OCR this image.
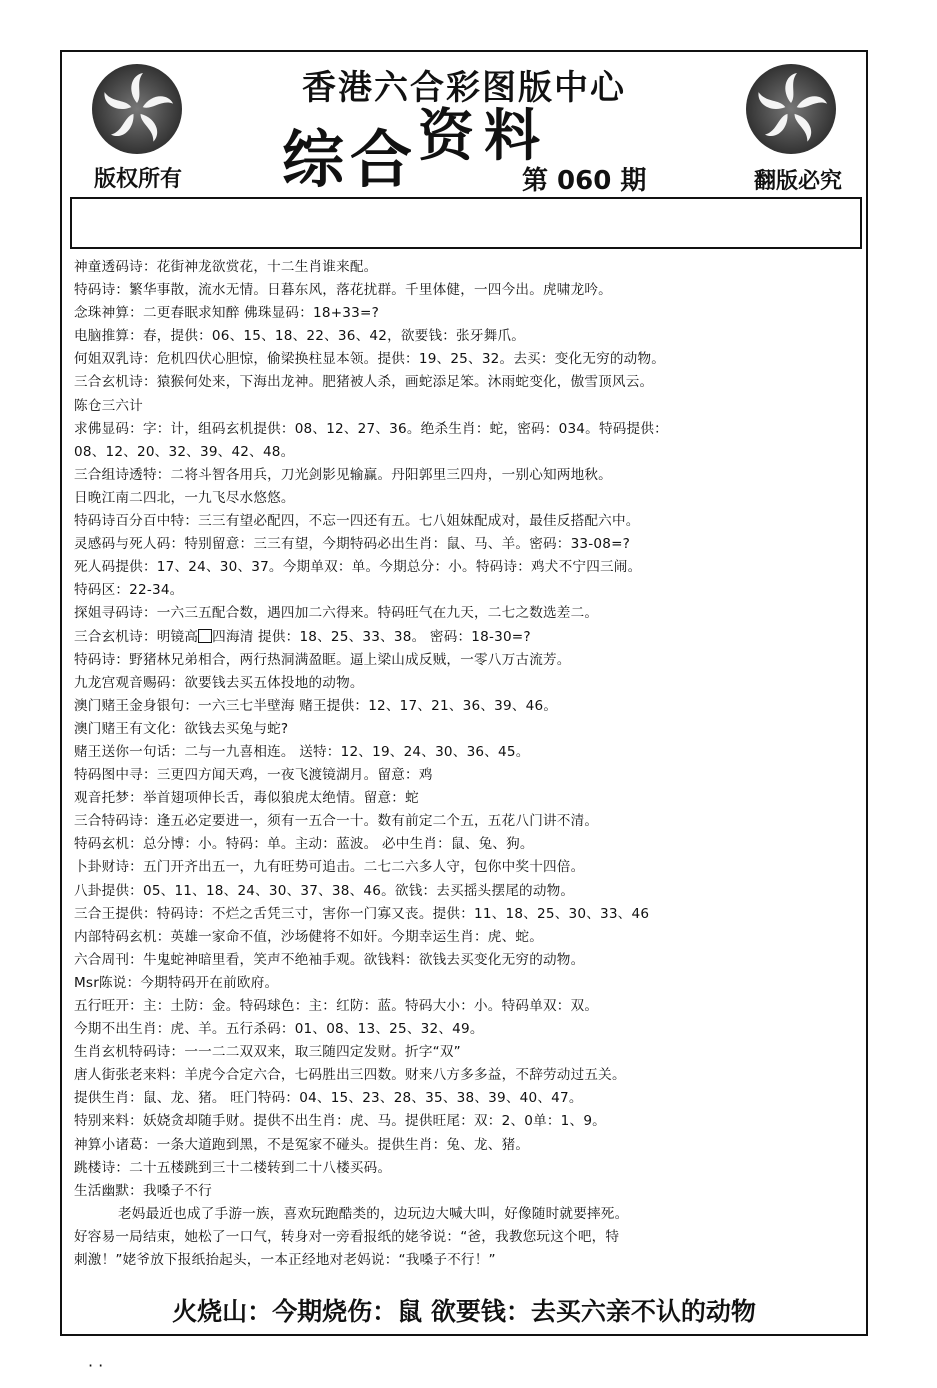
香港六合彩图版中心
综合资料
版权所有	第 060 期	翻版必究
神童透码诗：花街神龙欲赏花，十二生肖谁来配。
特码诗：繁华事散，流水无情。日暮东风，落花扰群。千里体健，一四今出。虎啸龙吟。
念珠神算：二更春眠求知醉 佛珠显码：18+33=?
电脑推算：春，提供：06、15、18、22、36、42，欲要钱：张牙舞爪。
何姐双乳诗：危机四伏心胆惊，偷梁换柱显本领。提供：19、25、32。去买：变化无穷的动物。
三合玄机诗：猿猴何处来，下海出龙神。肥猪被人杀，画蛇添足笨。沐雨蛇变化，傲雪顶风云。
陈仓三六计
求佛显码：字：计，组码玄机提供：08、12、27、36。绝杀生肖：蛇，密码：034。特码提供：
08、12、20、32、39、42、48。
三合组诗透特：二将斗智各用兵，刀光剑影见输赢。丹阳郭里三四舟，一别心知两地秋。
日晚江南二四北，一九飞尽水悠悠。
特码诗百分百中特：三三有望必配四，不忘一四还有五。七八姐妹配成对，最佳反搭配六中。
灵感码与死人码：特别留意：三三有望，今期特码必出生肖：鼠、马、羊。密码：33-08=?
死人码提供：17、24、30、37。今期单双：单。今期总分：小。特码诗：鸡犬不宁四三闹。
特码区：22-34。
探姐寻码诗：一六三五配合数，遇四加二六得来。特码旺气在九天，二七之数选差二。
三合玄机诗：明镜高 四海清 提供：18、25、33、38。 密码：18-30=?
特码诗：野猪林兄弟相合，两行热洞满盈眶。逼上梁山成反贼，一零八万古流芳。
九龙宫观音赐码：欲要钱去买五体投地的动物。
澳门赌王金身银句：一六三七半壁海 赌王提供：12、17、21、36、39、46。
澳门赌王有文化：欲钱去买兔与蛇?
赌王送你一句话：二与一九喜相连。 送特：12、19、24、30、36、45。
特码图中寻：三更四方闻天鸡，一夜飞渡镜湖月。留意：鸡
观音托梦：举首翅项伸长舌，毒似狼虎太绝情。留意：蛇
三合特码诗：逢五必定要进一，须有一五合一十。数有前定二个五，五花八门讲不清。
特码玄机：总分博：小。特码：单。主动：蓝波。 必中生肖：鼠、兔、狗。
卜卦财诗：五门开齐出五一，九有旺势可追击。二七二六多人守，包你中奖十四倍。
八卦提供：05、11、18、24、30、37、38、46。欲钱：去买摇头摆尾的动物。
三合王提供：特码诗：不烂之舌凭三寸，害你一门寡又丧。提供：11、18、25、30、33、46
内部特码玄机：英雄一家命不值，沙场健将不如奸。今期幸运生肖：虎、蛇。
六合周刊：牛鬼蛇神暗里看，笑声不绝袖手观。欲钱料：欲钱去买变化无穷的动物。
Msr陈说：今期特码开在前欧府。
五行旺开：主：土防：金。特码球色：主：红防：蓝。特码大小：小。特码单双：双。
今期不出生肖：虎、羊。五行杀码：01、08、13、25、32、49。
生肖玄机特码诗：一一二二双双来，取三随四定发财。折字“双”
唐人街张老来料：羊虎今合定六合，七码胜出三四数。财来八方多多益，不辞劳动过五关。
提供生肖：鼠、龙、猪。 旺门特码：04、15、23、28、35、38、39、40、47。
特别来料：妖娆贪却随手财。提供不出生肖：虎、马。提供旺尾：双：2、0单：1、9。
神算小诸葛：一条大道跑到黑，不是冤家不碰头。提供生肖：兔、龙、猪。
跳楼诗：二十五楼跳到三十二楼转到二十八楼买码。
生活幽默：我嗓子不行
老妈最近也成了手游一族，喜欢玩跑酷类的，边玩边大喊大叫，好像随时就要摔死。
好容易一局结束，她松了一口气，转身对一旁看报纸的姥爷说：“爸，我教您玩这个吧，特
刺激！”姥爷放下报纸抬起头，一本正经地对老妈说：“我嗓子不行！”
火烧山：今期烧伤：鼠 欲要钱：去买六亲不认的动物
· ·
